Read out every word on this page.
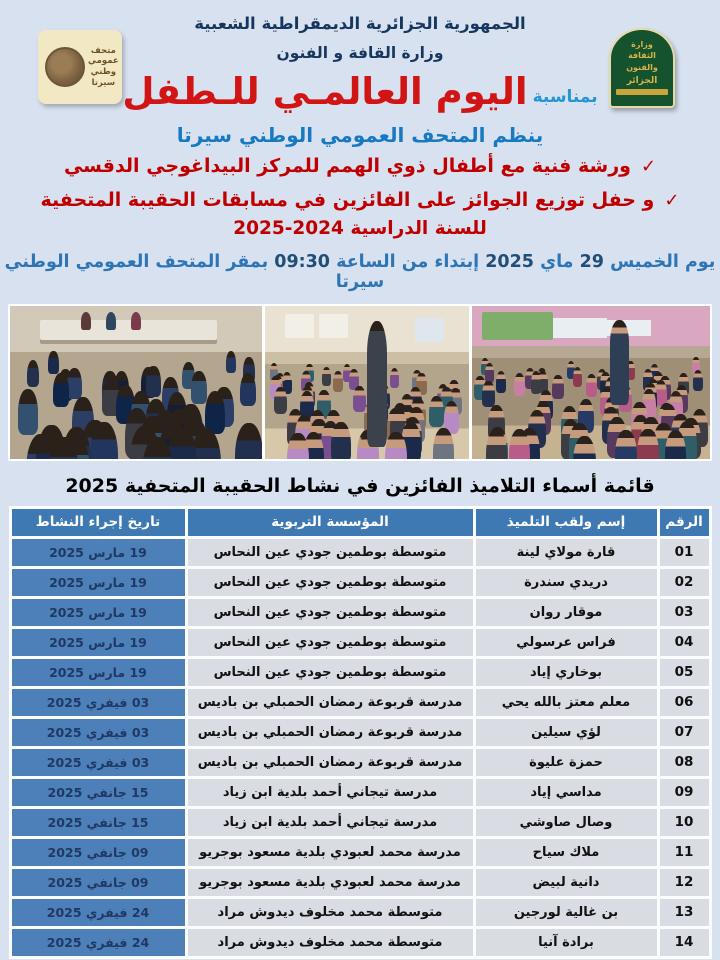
متحف
عمومي
وطني
سيرتا
وزارة
الثقافة
والفنون
الجزائر
الجمهورية الجزائرية الديمقراطية الشعبية
وزارة القافة و الفنون
بمناسبة
اليوم العالمـي للـطفل
ينظم المتحف العمومي الوطني سيرتا
✓ورشة فنية مع أطفال ذوي الهمم للمركز البيداغوجي الدقسي
✓و حفل توزيع الجوائز على الفائزين في مسابقات الحقيبة المتحفية
للسنة الدراسية 2025-2024
يوم الخميس 29 ماي 2025 إبتداء من الساعة 09:30 بمقر المتحف العمومي الوطني سيرتا
قائمة أسماء التلاميذ الفائزين في نشاط الحقيبة المتحفية 2025
الرقم	إسم ولقب التلميذ	المؤسسة التربوية	تاريخ إجراء النشاط
01	قارة مولاي لينة	متوسطة بوطمين جودي عين النحاس	19 مارس 2025
02	دريدي سندرة	متوسطة بوطمين جودي عين النحاس	19 مارس 2025
03	موقار روان	متوسطة بوطمين جودي عين النحاس	19 مارس 2025
04	فراس عرسولي	متوسطة بوطمين جودي عين النحاس	19 مارس 2025
05	بوخاري إياد	متوسطة بوطمين جودي عين النحاس	19 مارس 2025
06	معلم معتز بالله يحي	مدرسة قربوعة رمضان الحمبلي بن باديس	03 فيفري 2025
07	لؤي سيلين	مدرسة قربوعة رمضان الحمبلي بن باديس	03 فيفري 2025
08	حمزة عليوة	مدرسة قربوعة رمضان الحمبلي بن باديس	03 فيفري 2025
09	مداسي إياد	مدرسة تيجاني أحمد بلدية ابن زياد	15 جانفي 2025
10	وصال صاوشي	مدرسة تيجاني أحمد بلدية ابن زياد	15 جانفي 2025
11	ملاك سياح	مدرسة محمد لعبودي بلدية مسعود بوجريو	09 جانفي 2025
12	دانية لبيض	مدرسة محمد لعبودي بلدية مسعود بوجريو	09 جانفي 2025
13	بن غالية لورجين	متوسطة محمد مخلوف ديدوش مراد	24 فيفري 2025
14	برادة آنيا	متوسطة محمد مخلوف ديدوش مراد	24 فيفري 2025
